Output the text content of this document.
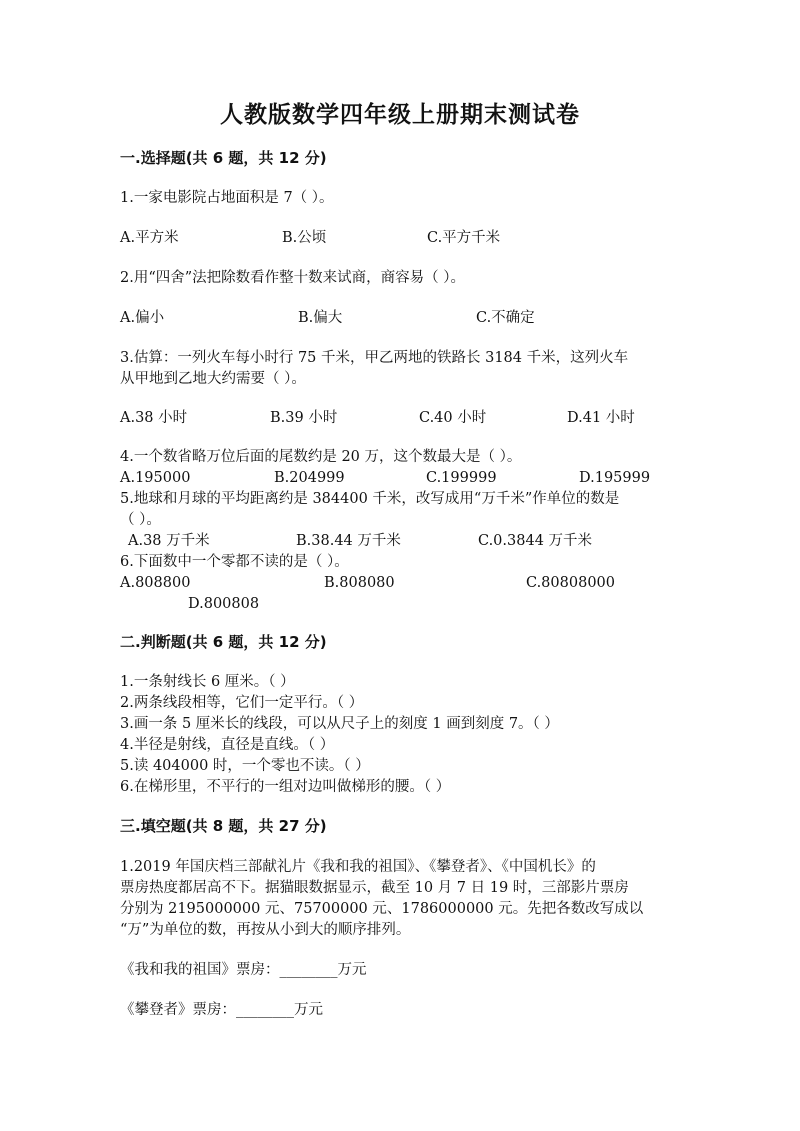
人教版数学四年级上册期末测试卷
一.选择题(共 6 题，共 12 分)
1.一家电影院占地面积是 7（ ）。
A.平方米	B.公顷	C.平方千米
2.用“四舍”法把除数看作整十数来试商，商容易（ ）。
A.偏小	B.偏大	C.不确定
3.估算：一列火车每小时行 75 千米，甲乙两地的铁路长 3184 千米，这列火车
从甲地到乙地大约需要（ ）。
A.38 小时	B.39 小时	C.40 小时	D.41 小时
4.一个数省略万位后面的尾数约是 20 万，这个数最大是（ ）。
A.195000	B.204999	C.199999	D.195999
5.地球和月球的平均距离约是 384400 千米，改写成用“万千米”作单位的数是
（ ）。
A.38 万千米	B.38.44 万千米	C.0.3844 万千米
6.下面数中一个零都不读的是（ ）。
A.808800	B.808080	C.80808000
D.800808
二.判断题(共 6 题，共 12 分)
1.一条射线长 6 厘米。（ ）
2.两条线段相等，它们一定平行。（ ）
3.画一条 5 厘米长的线段，可以从尺子上的刻度 1 画到刻度 7。（ ）
4.半径是射线，直径是直线。（ ）
5.读 404000 时，一个零也不读。（ ）
6.在梯形里，不平行的一组对边叫做梯形的腰。（ ）
三.填空题(共 8 题，共 27 分)
1.2019 年国庆档三部献礼片《我和我的祖国》、《攀登者》、《中国机长》的
票房热度都居高不下。据猫眼数据显示，截至 10 月 7 日 19 时，三部影片票房
分别为 2195000000 元、75700000 元、1786000000 元。先把各数改写成以
“万”为单位的数，再按从小到大的顺序排列。
《我和我的祖国》票房：________万元
《攀登者》票房：________万元
